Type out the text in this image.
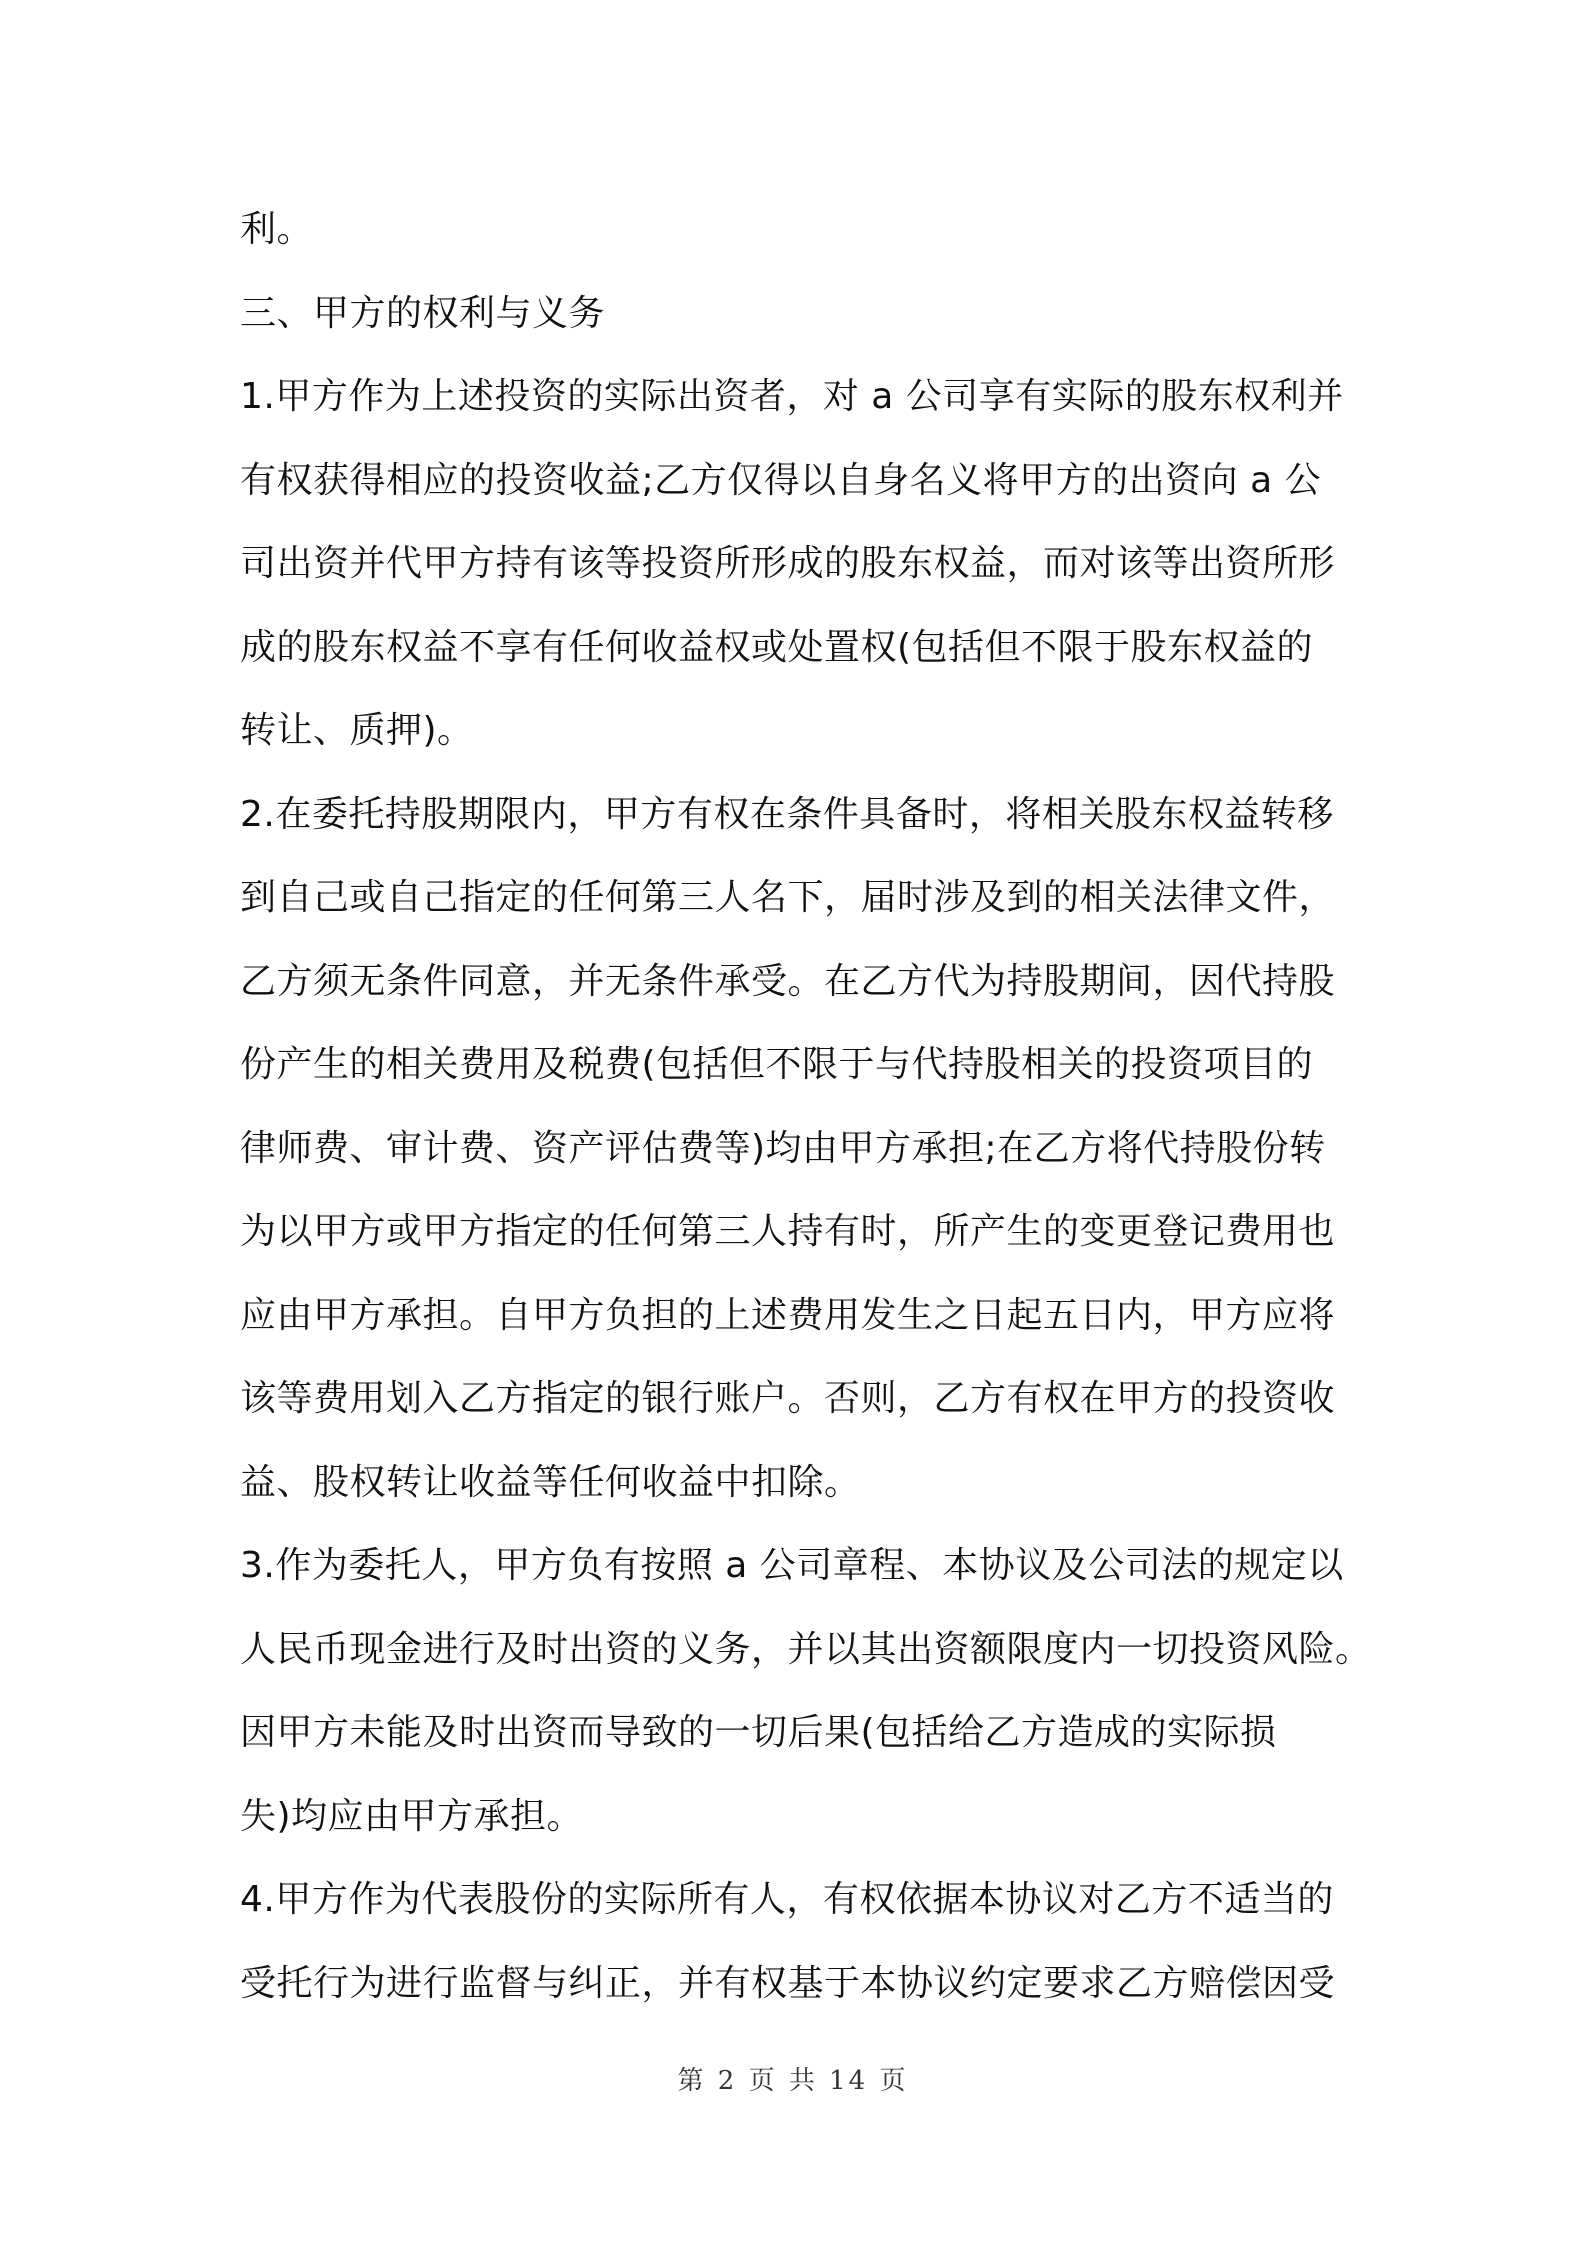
利。
三、甲方的权利与义务
1.甲方作为上述投资的实际出资者，对 a 公司享有实际的股东权利并
有权获得相应的投资收益;乙方仅得以自身名义将甲方的出资向 a 公
司出资并代甲方持有该等投资所形成的股东权益，而对该等出资所形
成的股东权益不享有任何收益权或处置权(包括但不限于股东权益的
转让、质押)。
2.在委托持股期限内，甲方有权在条件具备时，将相关股东权益转移
到自己或自己指定的任何第三人名下，届时涉及到的相关法律文件，
乙方须无条件同意，并无条件承受。在乙方代为持股期间，因代持股
份产生的相关费用及税费(包括但不限于与代持股相关的投资项目的
律师费、审计费、资产评估费等)均由甲方承担;在乙方将代持股份转
为以甲方或甲方指定的任何第三人持有时，所产生的变更登记费用也
应由甲方承担。自甲方负担的上述费用发生之日起五日内，甲方应将
该等费用划入乙方指定的银行账户。否则，乙方有权在甲方的投资收
益、股权转让收益等任何收益中扣除。
3.作为委托人，甲方负有按照 a 公司章程、本协议及公司法的规定以
人民币现金进行及时出资的义务，并以其出资额限度内一切投资风险。
因甲方未能及时出资而导致的一切后果(包括给乙方造成的实际损
失)均应由甲方承担。
4.甲方作为代表股份的实际所有人，有权依据本协议对乙方不适当的
受托行为进行监督与纠正，并有权基于本协议约定要求乙方赔偿因受
第 2 页 共 14 页
